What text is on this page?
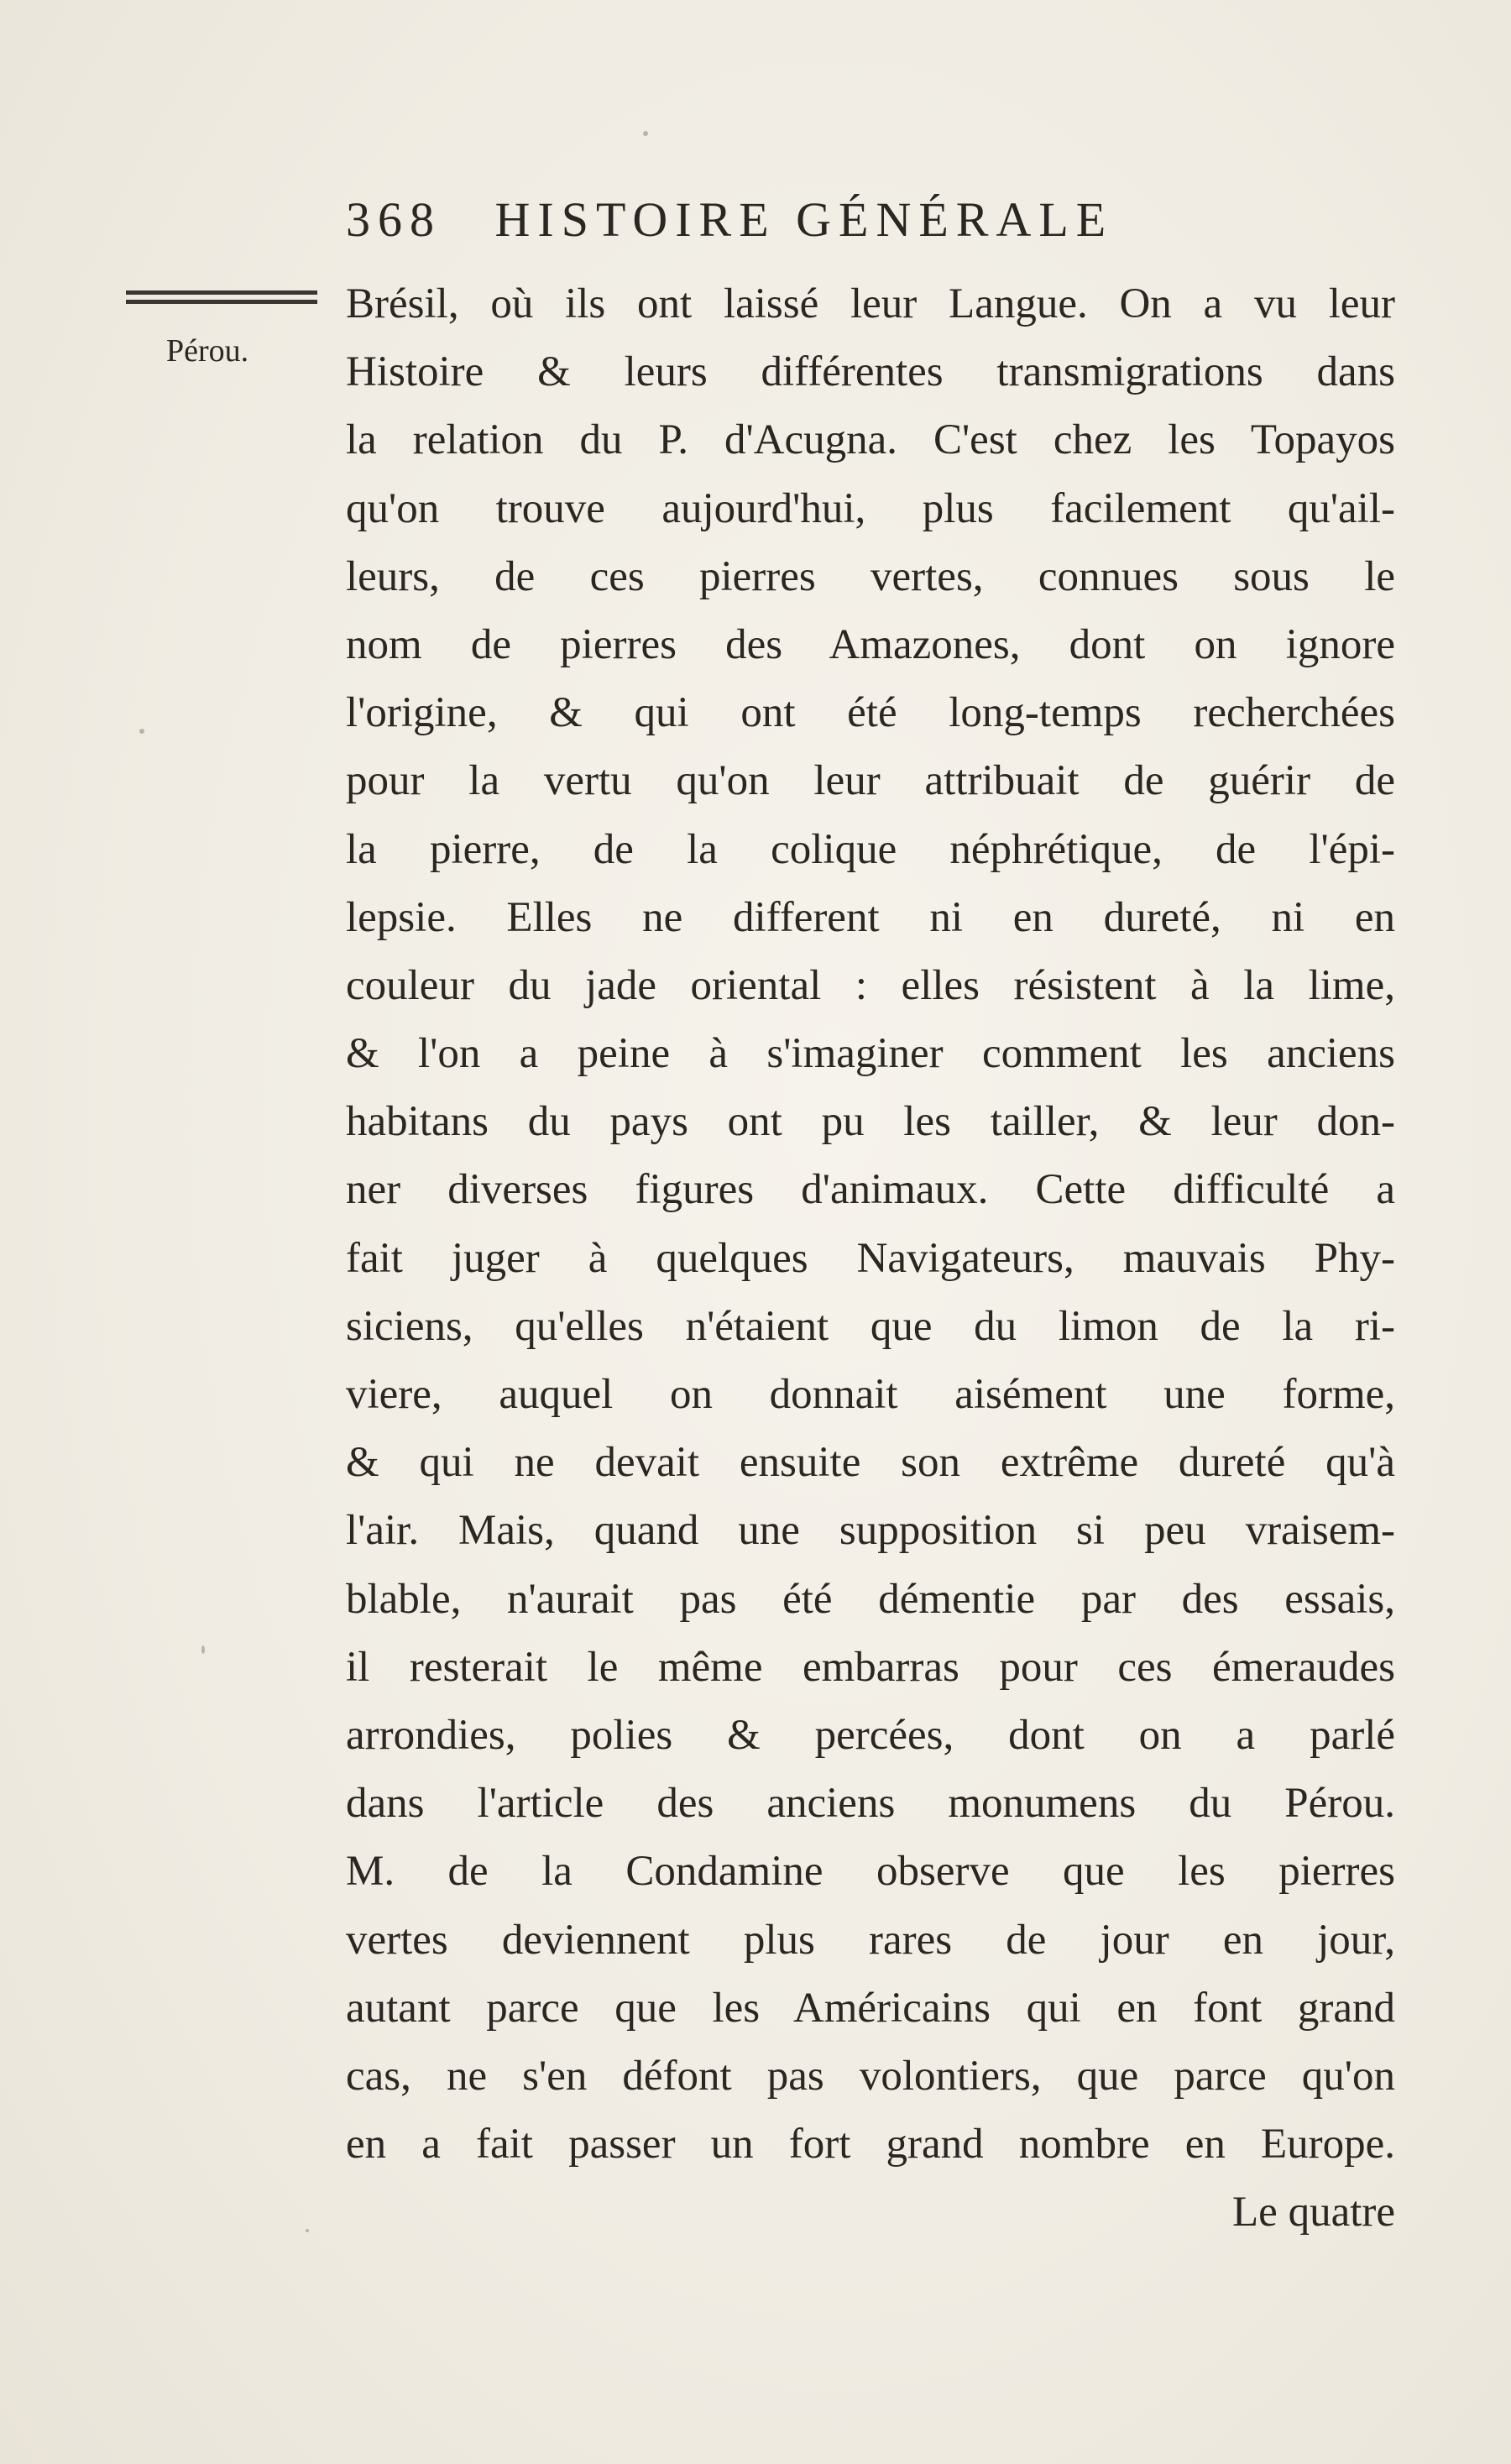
368 HISTOIRE GÉNÉRALE
Pérou.
Brésil, où ils ont laissé leur Langue. On a vu leur
Histoire & leurs différentes transmigrations dans
la relation du P. d'Acugna. C'est chez les Topayos
qu'on trouve aujourd'hui, plus facilement qu'ail-
leurs, de ces pierres vertes, connues sous le
nom de pierres des Amazones, dont on ignore
l'origine, & qui ont été long-temps recherchées
pour la vertu qu'on leur attribuait de guérir de
la pierre, de la colique néphrétique, de l'épi-
lepsie. Elles ne different ni en dureté, ni en
couleur du jade oriental : elles résistent à la lime,
& l'on a peine à s'imaginer comment les anciens
habitans du pays ont pu les tailler, & leur don-
ner diverses figures d'animaux. Cette difficulté a
fait juger à quelques Navigateurs, mauvais Phy-
siciens, qu'elles n'étaient que du limon de la ri-
viere, auquel on donnait aisément une forme,
& qui ne devait ensuite son extrême dureté qu'à
l'air. Mais, quand une supposition si peu vraisem-
blable, n'aurait pas été démentie par des essais,
il resterait le même embarras pour ces émeraudes
arrondies, polies & percées, dont on a parlé
dans l'article des anciens monumens du Pérou.
M. de la Condamine observe que les pierres
vertes deviennent plus rares de jour en jour,
autant parce que les Américains qui en font grand
cas, ne s'en défont pas volontiers, que parce qu'on
en a fait passer un fort grand nombre en Europe.
Le quatre
